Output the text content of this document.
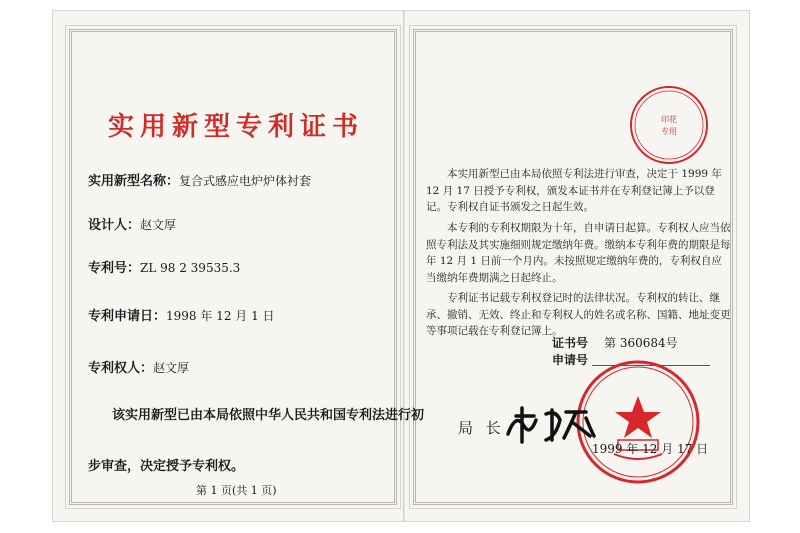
实用新型专利证书
实用新型名称：复合式感应电炉炉体衬套
设计人：赵文厚
专利号：ZL 98 2 39535.3
专利申请日：1998 年 12 月 1 日
专利权人：赵文厚
该实用新型已由本局依照中华人民共和国专利法进行初
步审查，决定授予专利权。
第 1 页(共 1 页)
印花
专用
本实用新型已由本局依照专利法进行审查，决定于 1999 年 12 月 17 日授予专利权，颁发本证书并在专利登记簿上予以登记。专利权自证书颁发之日起生效。
本专利的专利权期限为十年，自申请日起算。专利权人应当依照专利法及其实施细则规定缴纳年费。缴纳本专利年费的期限是每年 12 月 1 日前一个月内。未按照规定缴纳年费的，专利权自应当缴纳年费期满之日起终止。
专利证书记载专利权登记时的法律状况。专利权的转让、继承、撤销、无效、终止和专利权人的姓名或名称、国籍、地址变更等事项记载在专利登记簿上。
证书号 第 360684号
申请号
局 长
1999 年 12 月 17 日
